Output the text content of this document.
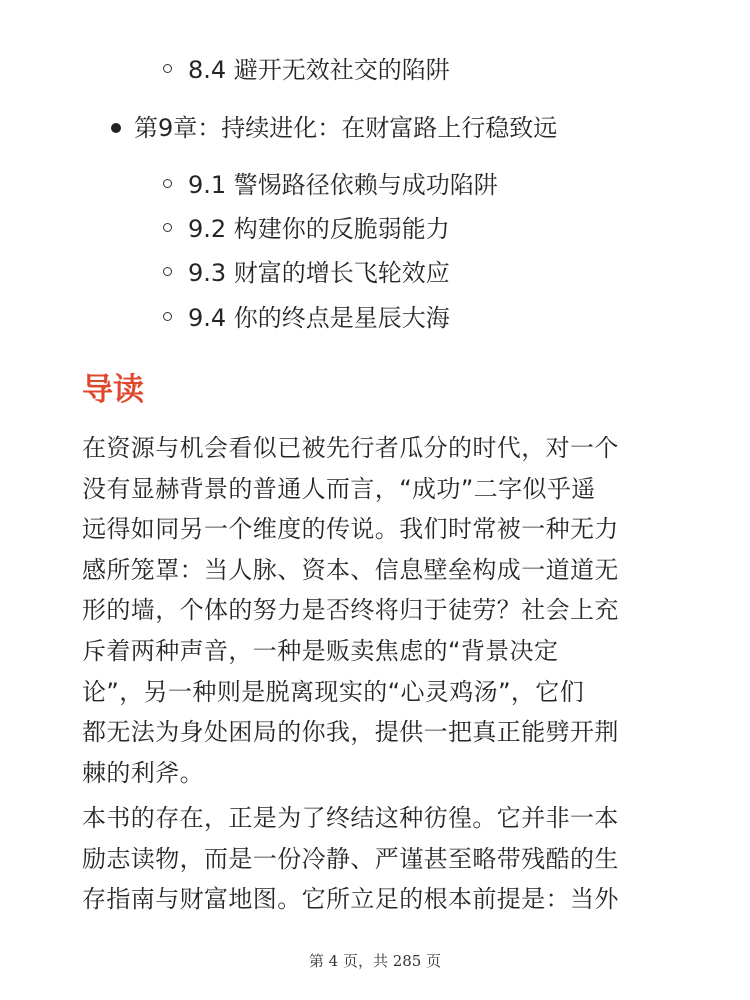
8.4 避开无效社交的陷阱
第9章：持续进化：在财富路上行稳致远
9.1 警惕路径依赖与成功陷阱
9.2 构建你的反脆弱能力
9.3 财富的增长飞轮效应
9.4 你的终点是星辰大海
导读
在资源与机会看似已被先行者瓜分的时代，对一个
没有显赫背景的普通人而言，“成功”二字似乎遥
远得如同另一个维度的传说。我们时常被一种无力
感所笼罩：当人脉、资本、信息壁垒构成一道道无
形的墙，个体的努力是否终将归于徒劳？社会上充
斥着两种声音，一种是贩卖焦虑的“背景决定
论”，另一种则是脱离现实的“心灵鸡汤”，它们
都无法为身处困局的你我，提供一把真正能劈开荆
棘的利斧。
本书的存在，正是为了终结这种彷徨。它并非一本
励志读物，而是一份冷静、严谨甚至略带残酷的生
存指南与财富地图。它所立足的根本前提是：当外
第 4 页，共 285 页
